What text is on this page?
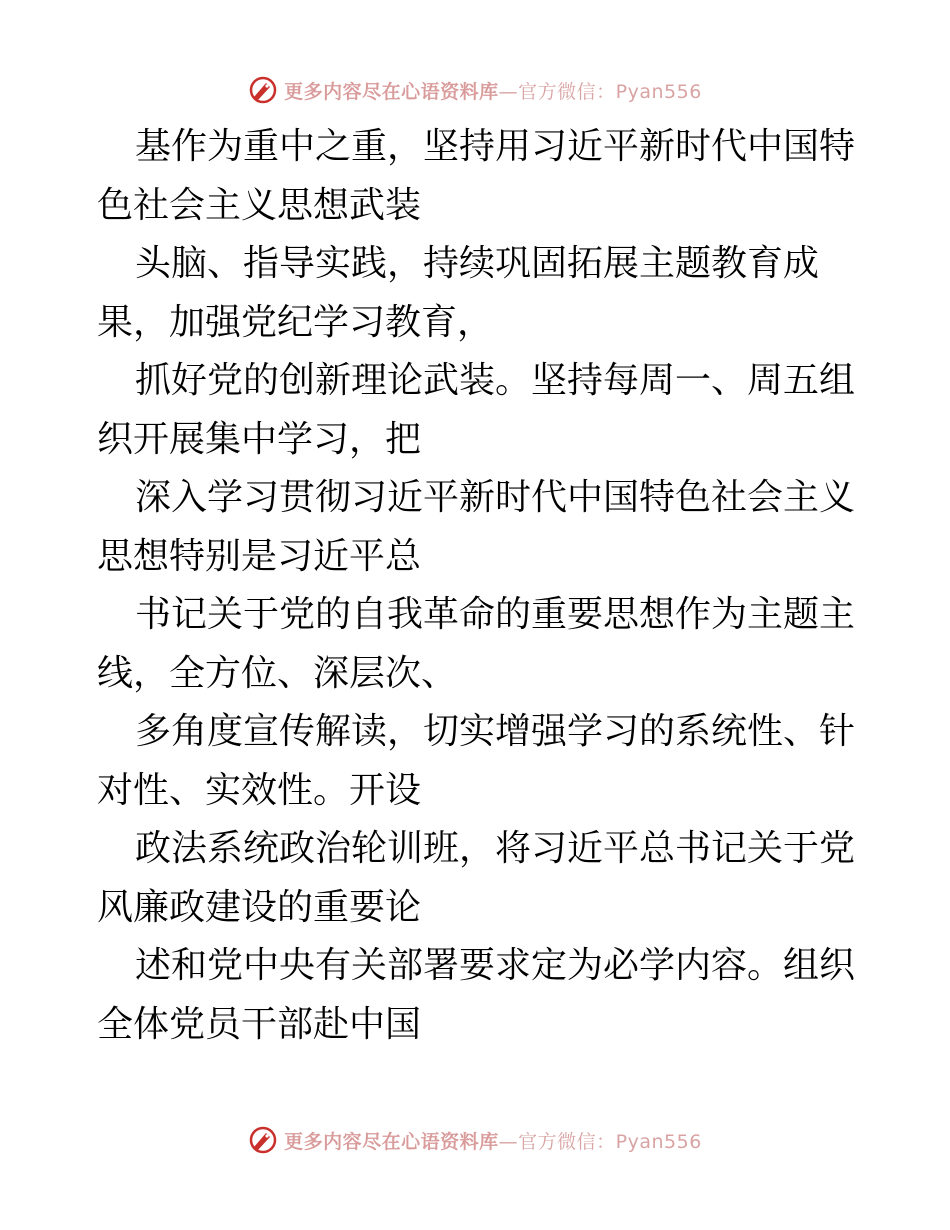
更多内容尽在心语资料库—官方微信：Pyan556

基作为重中之重，坚持用习近平新时代中国特色社会主义思想武装

头脑、指导实践，持续巩固拓展主题教育成果，加强党纪学习教育，

抓好党的创新理论武装。坚持每周一、周五组织开展集中学习，把

深入学习贯彻习近平新时代中国特色社会主义思想特别是习近平总

书记关于党的自我革命的重要思想作为主题主线，全方位、深层次、

多角度宣传解读，切实增强学习的系统性、针对性、实效性。开设

政法系统政治轮训班，将习近平总书记关于党风廉政建设的重要论

述和党中央有关部署要求定为必学内容。组织全体党员干部赴中国

更多内容尽在心语资料库—官方微信：Pyan556
